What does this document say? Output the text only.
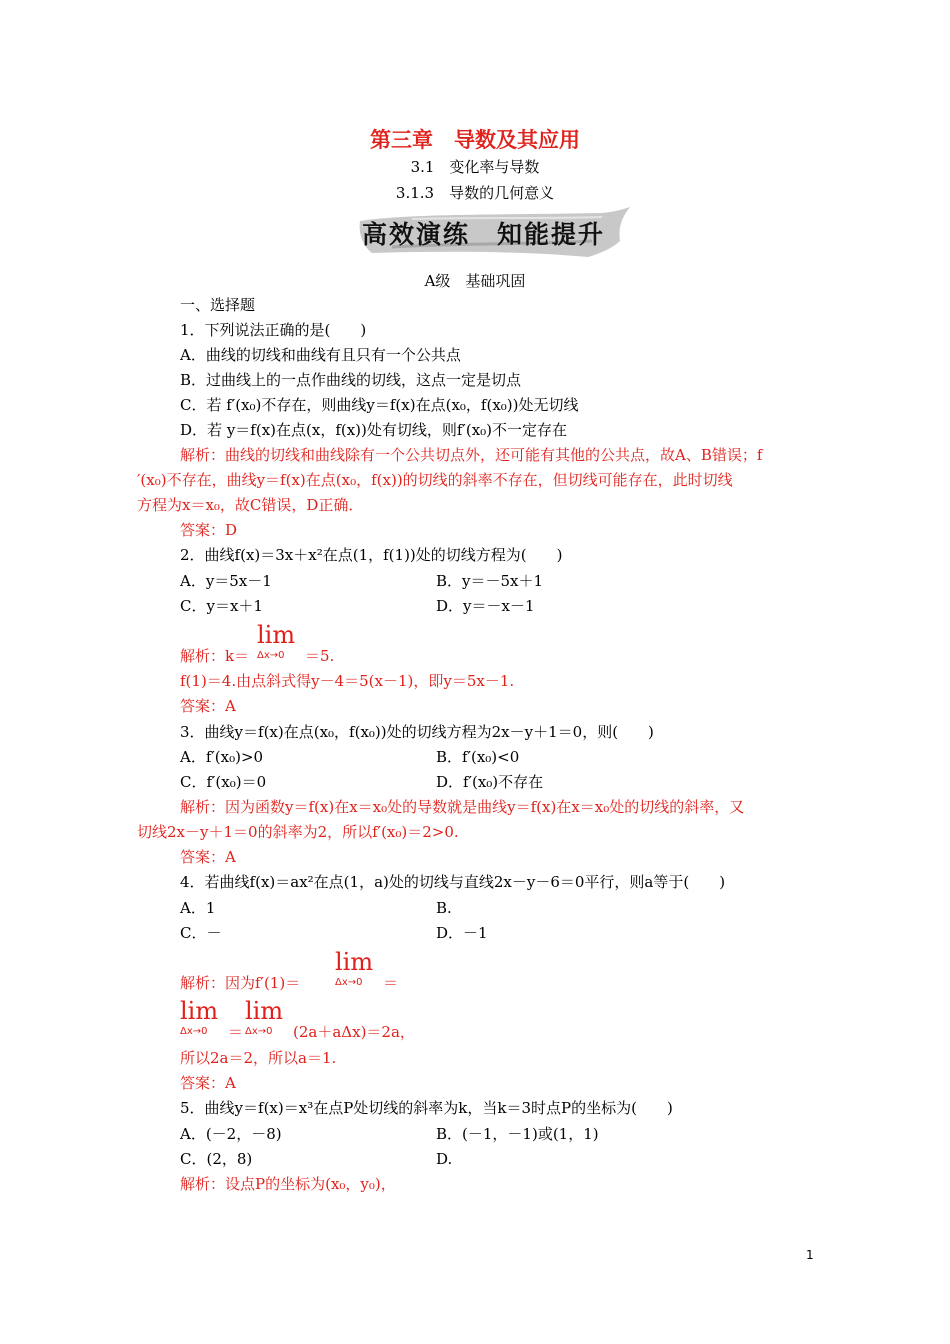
第三章　导数及其应用
3.1　变化率与导数
3.1.3　导数的几何意义
高效演练　知能提升
A级　基础巩固
一、选择题
1．下列说法正确的是(　　)
A．曲线的切线和曲线有且只有一个公共点
B．过曲线上的一点作曲线的切线，这点一定是切点
C．若 f′(x₀)不存在，则曲线y＝f(x)在点(x₀，f(x₀))处无切线
D．若 y＝f(x)在点(x，f(x))处有切线，则f′(x₀)不一定存在
解析：曲线的切线和曲线除有一个公共切点外，还可能有其他的公共点，故A、B错误；f
′(x₀)不存在，曲线y＝f(x)在点(x₀，f(x))的切线的斜率不存在，但切线可能存在，此时切线
方程为x＝x₀，故C错误，D正确．
答案：D
2．曲线f(x)＝3x＋x²在点(1，f(1))处的切线方程为(　　)
A．y＝5x－1	B．y＝－5x＋1
C．y＝x＋1	D．y＝－x－1
lim
Δx→0
解析：k＝	＝5.
f(1)＝4.由点斜式得y－4＝5(x－1)，即y＝5x－1.
答案：A
3．曲线y＝f(x)在点(x₀，f(x₀))处的切线方程为2x－y＋1＝0，则(　　)
A．f′(x₀)>0	B．f′(x₀)<0
C．f′(x₀)＝0	D．f′(x₀)不存在
解析：因为函数y＝f(x)在x＝x₀处的导数就是曲线y＝f(x)在x＝x₀处的切线的斜率，又
切线2x－y＋1＝0的斜率为2，所以f′(x₀)＝2>0.
答案：A
4．若曲线f(x)＝ax²在点(1，a)处的切线与直线2x－y－6＝0平行，则a等于(　　)
A．1	B.
C．－	D．－1
lim
Δx→0
解析：因为f′(1)＝	＝
lim
Δx→0 ＝
lim
Δx→0 (2a＋aΔx)＝2a，
所以2a＝2，所以a＝1.
答案：A
5．曲线y＝f(x)＝x³在点P处切线的斜率为k，当k＝3时点P的坐标为(　　)
A．(－2，－8)	B．(－1，－1)或(1，1)
C．(2，8)	D.
解析：设点P的坐标为(x₀，y₀)，
1
